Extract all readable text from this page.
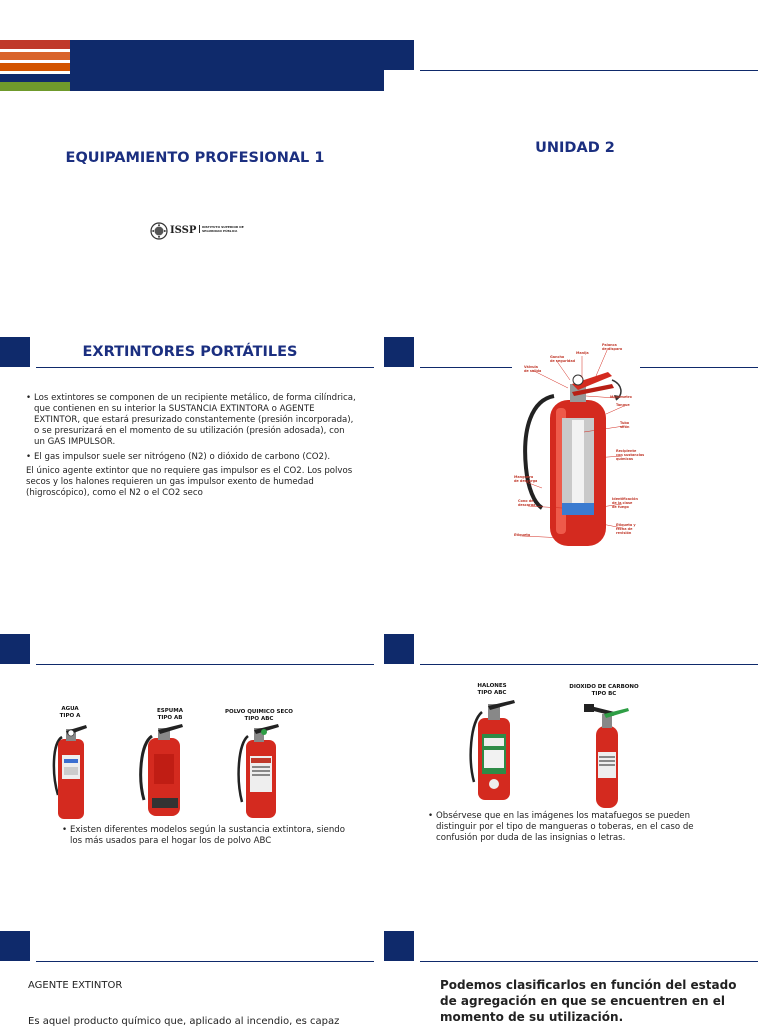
EQUIPAMIENTO PROFESIONAL 1
ISSP	INSTITUTO SUPERIOR DE SEGURIDAD PÚBLICA
UNIDAD 2
EXRTINTORES PORTÁTILES
• Los extintores se componen de un recipiente metálico, de forma cilíndrica, que contienen en su interior la SUSTANCIA EXTINTORA o AGENTE EXTINTOR, que estará presurizado constantemente (presión incorporada), o se presurizará en el momento de su utilización (presión adosada), con un GAS IMPULSOR.
• El gas impulsor suele ser nitrógeno (N2) o dióxido de carbono (CO2).
El único agente extintor que no requiere gas impulsor es el CO2. Los polvos secos y los halones requieren un gas impulsor exento de humedad (higroscópico), como el N2 o el CO2 seco
Palanca
de disparo
Manija
Gancho
de seguridad
Válvula
de salida
Manómetro
Tanque
Tubo
sifón
Recipiente
con sustancias
químicas
Manguera
de descarga
Cono de
descarga
Identificación
de la clase
de fuego
Etiqueta y
fecha de
revisión
Etiqueta
AGUA
TIPO A
ESPUMA
TIPO AB
POLVO QUIMICO SECO
TIPO ABC
• Existen diferentes modelos según la sustancia extintora, siendo los más usados para el hogar los de polvo ABC
HALONES
TIPO ABC
DIOXIDO DE CARBONO
TIPO BC
• Obsérvese que en las imágenes los matafuegos se pueden distinguir por el tipo de mangueras o toberas, en el caso de confusión por duda de las insignias o letras.
AGENTE EXTINTOR
Es aquel producto químico que, aplicado al incendio, es capaz
Podemos clasificarlos en función del estado de agregación en que se encuentren en el momento de su utilización.
